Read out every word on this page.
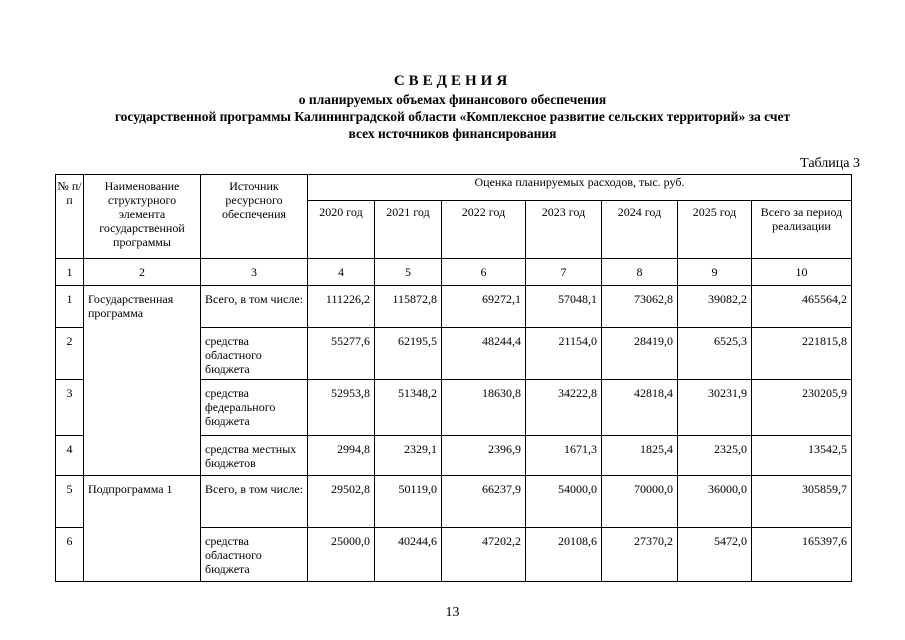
СВЕДЕНИЯ
о планируемых объемах финансового обеспечения
государственной программы Калининградской области «Комплексное развитие сельских территорий» за счет
всех источников финансирования
Таблица 3
№ п/п	Наименование структурного элемента государственной программы	Источник ресурсного обеспечения	Оценка планируемых расходов, тыс. руб.						
			2020 год	2021 год	2022 год	2023 год	2024 год	2025 год	Всего за период реализации
1	2	3	4	5	6	7	8	9	10
1	Государственная программа	Всего, в том числе:	111226,2	115872,8	69272,1	57048,1	73062,8	39082,2	465564,2
2		средства областного бюджета	55277,6	62195,5	48244,4	21154,0	28419,0	6525,3	221815,8
3		средства федерального бюджета	52953,8	51348,2	18630,8	34222,8	42818,4	30231,9	230205,9
4		средства местных бюджетов	2994,8	2329,1	2396,9	1671,3	1825,4	2325,0	13542,5
5	Подпрограмма 1	Всего, в том числе:	29502,8	50119,0	66237,9	54000,0	70000,0	36000,0	305859,7
6		средства областного бюджета	25000,0	40244,6	47202,2	20108,6	27370,2	5472,0	165397,6
13
